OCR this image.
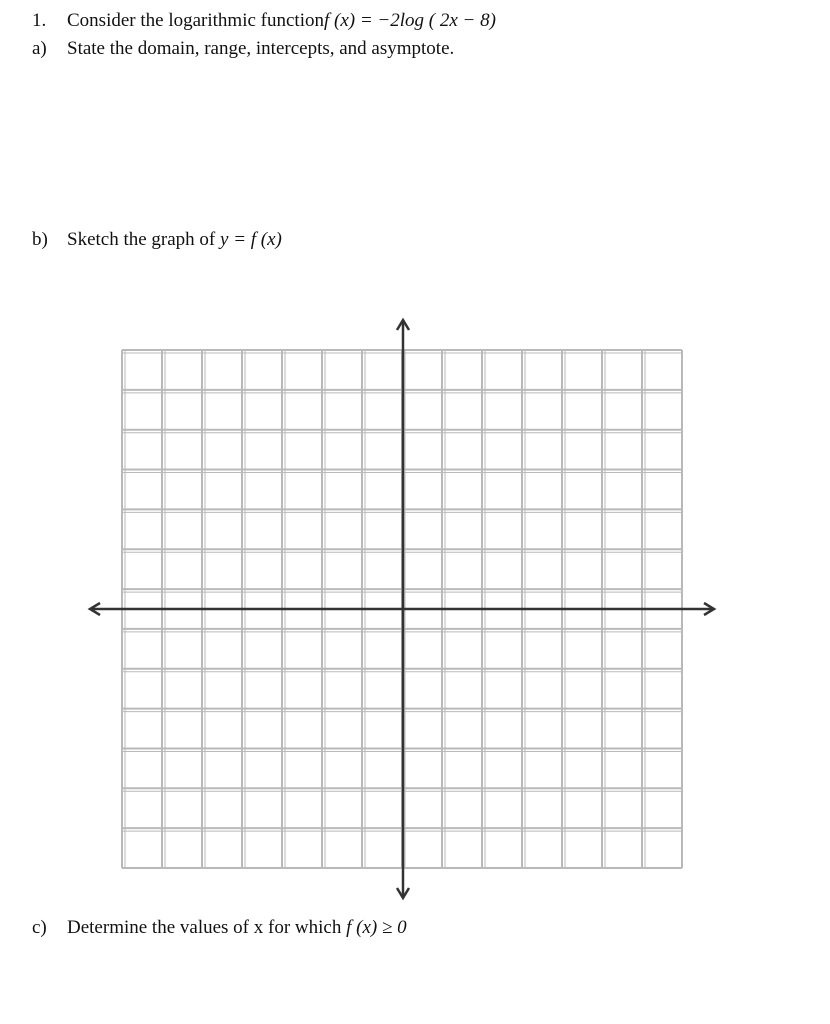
1. Consider the logarithmic functionf (x) = −2log ( 2x − 8)
a) State the domain, range, intercepts, and asymptote.
b) Sketch the graph of y = f (x)
c) Determine the values of x for which f (x) ≥ 0
